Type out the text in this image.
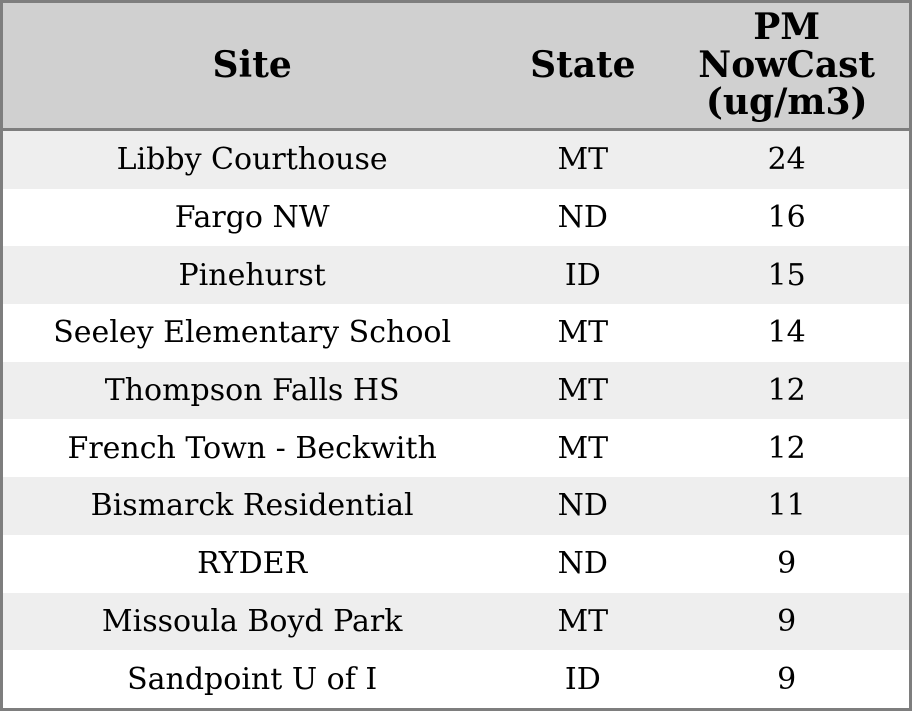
Site	State	PM NowCast (ug/m3)
Libby Courthouse	MT	24
Fargo NW	ND	16
Pinehurst	ID	15
Seeley Elementary School	MT	14
Thompson Falls HS	MT	12
French Town - Beckwith	MT	12
Bismarck Residential	ND	11
RYDER	ND	9
Missoula Boyd Park	MT	9
Sandpoint U of I	ID	9
